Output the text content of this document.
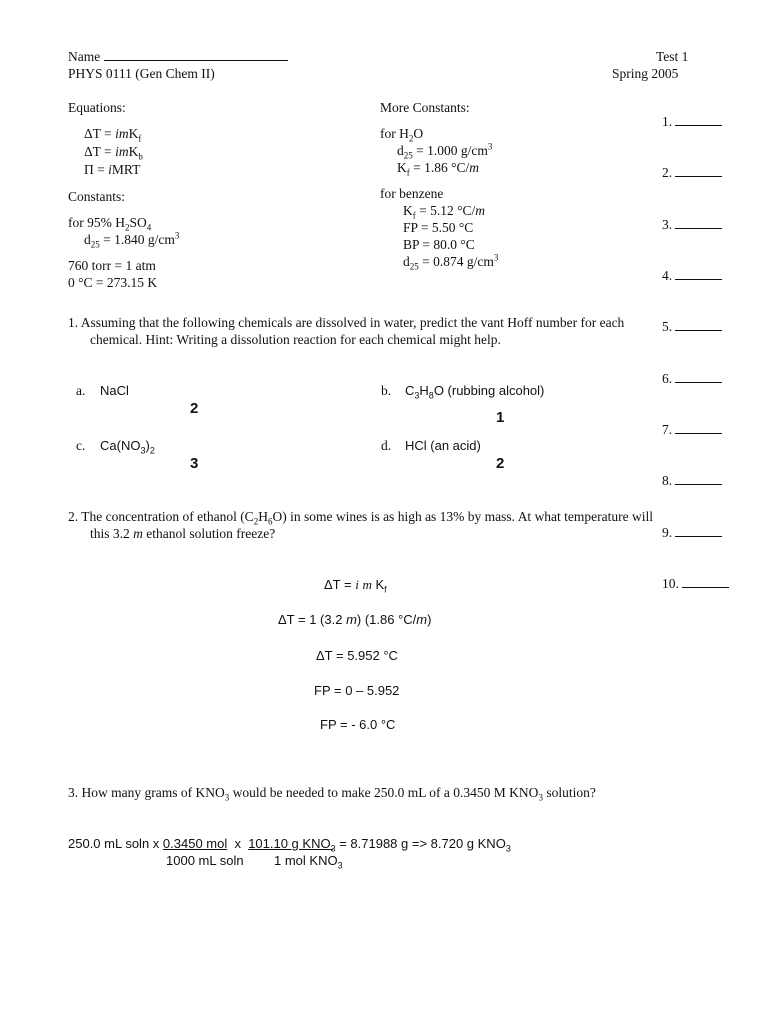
Name
PHYS 0111 (Gen Chem II)
Test 1
Spring 2005
Equations:
ΔT = imK$_f$
ΔT = imK$_b$
Π = iMRT
Constants:
for 95% $H_2SO_4$
$d_{25} = 1.840$ $g/cm^3$
760 torr = 1 atm
0 °C = 273.15 K
More Constants:
for $H_2O$
$d_{25} = 1.000$ $g/cm^3$
$K_f = 1.86$ °C/m
for benzene
$K_f = 5.12$ °C/m
FP = 5.50 °C
BP = 80.0 °C
$d_{25} = 0.874$ $g/cm^3$
1.
2.
3.
4.
5.
6.
7.
8.
9.
10.
1. Assuming that the following chemicals are dissolved in water, predict the vant Hoff number for each chemical. Hint: Writing a dissolution reaction for each chemical might help.
a. NaCl
2
b. $C_3H_8O$ (rubbing alcohol)
1
c. $Ca(NO_3)_2$
3
d. HCl (an acid)
2
2. The concentration of ethanol $(C_2H_6O)$ in some wines is as high as 13% by mass. At what temperature will this 3.2 m ethanol solution freeze?
ΔT = i m $K_f$
ΔT = 1 (3.2 m) (1.86 °C/m)
ΔT = 5.952 °C
FP = 0 – 5.952
FP = - 6.0 °C
3. How many grams of $KNO_3$ would be needed to make 250.0 mL of a 0.3450 M $KNO_3$ solution?
250.0 mL soln x 0.3450 mol  x  101.10 g $KNO_3 = 8.71988$ g => 8.720 g $KNO_3$
1000 mL soln 1 mol $KNO_3$
